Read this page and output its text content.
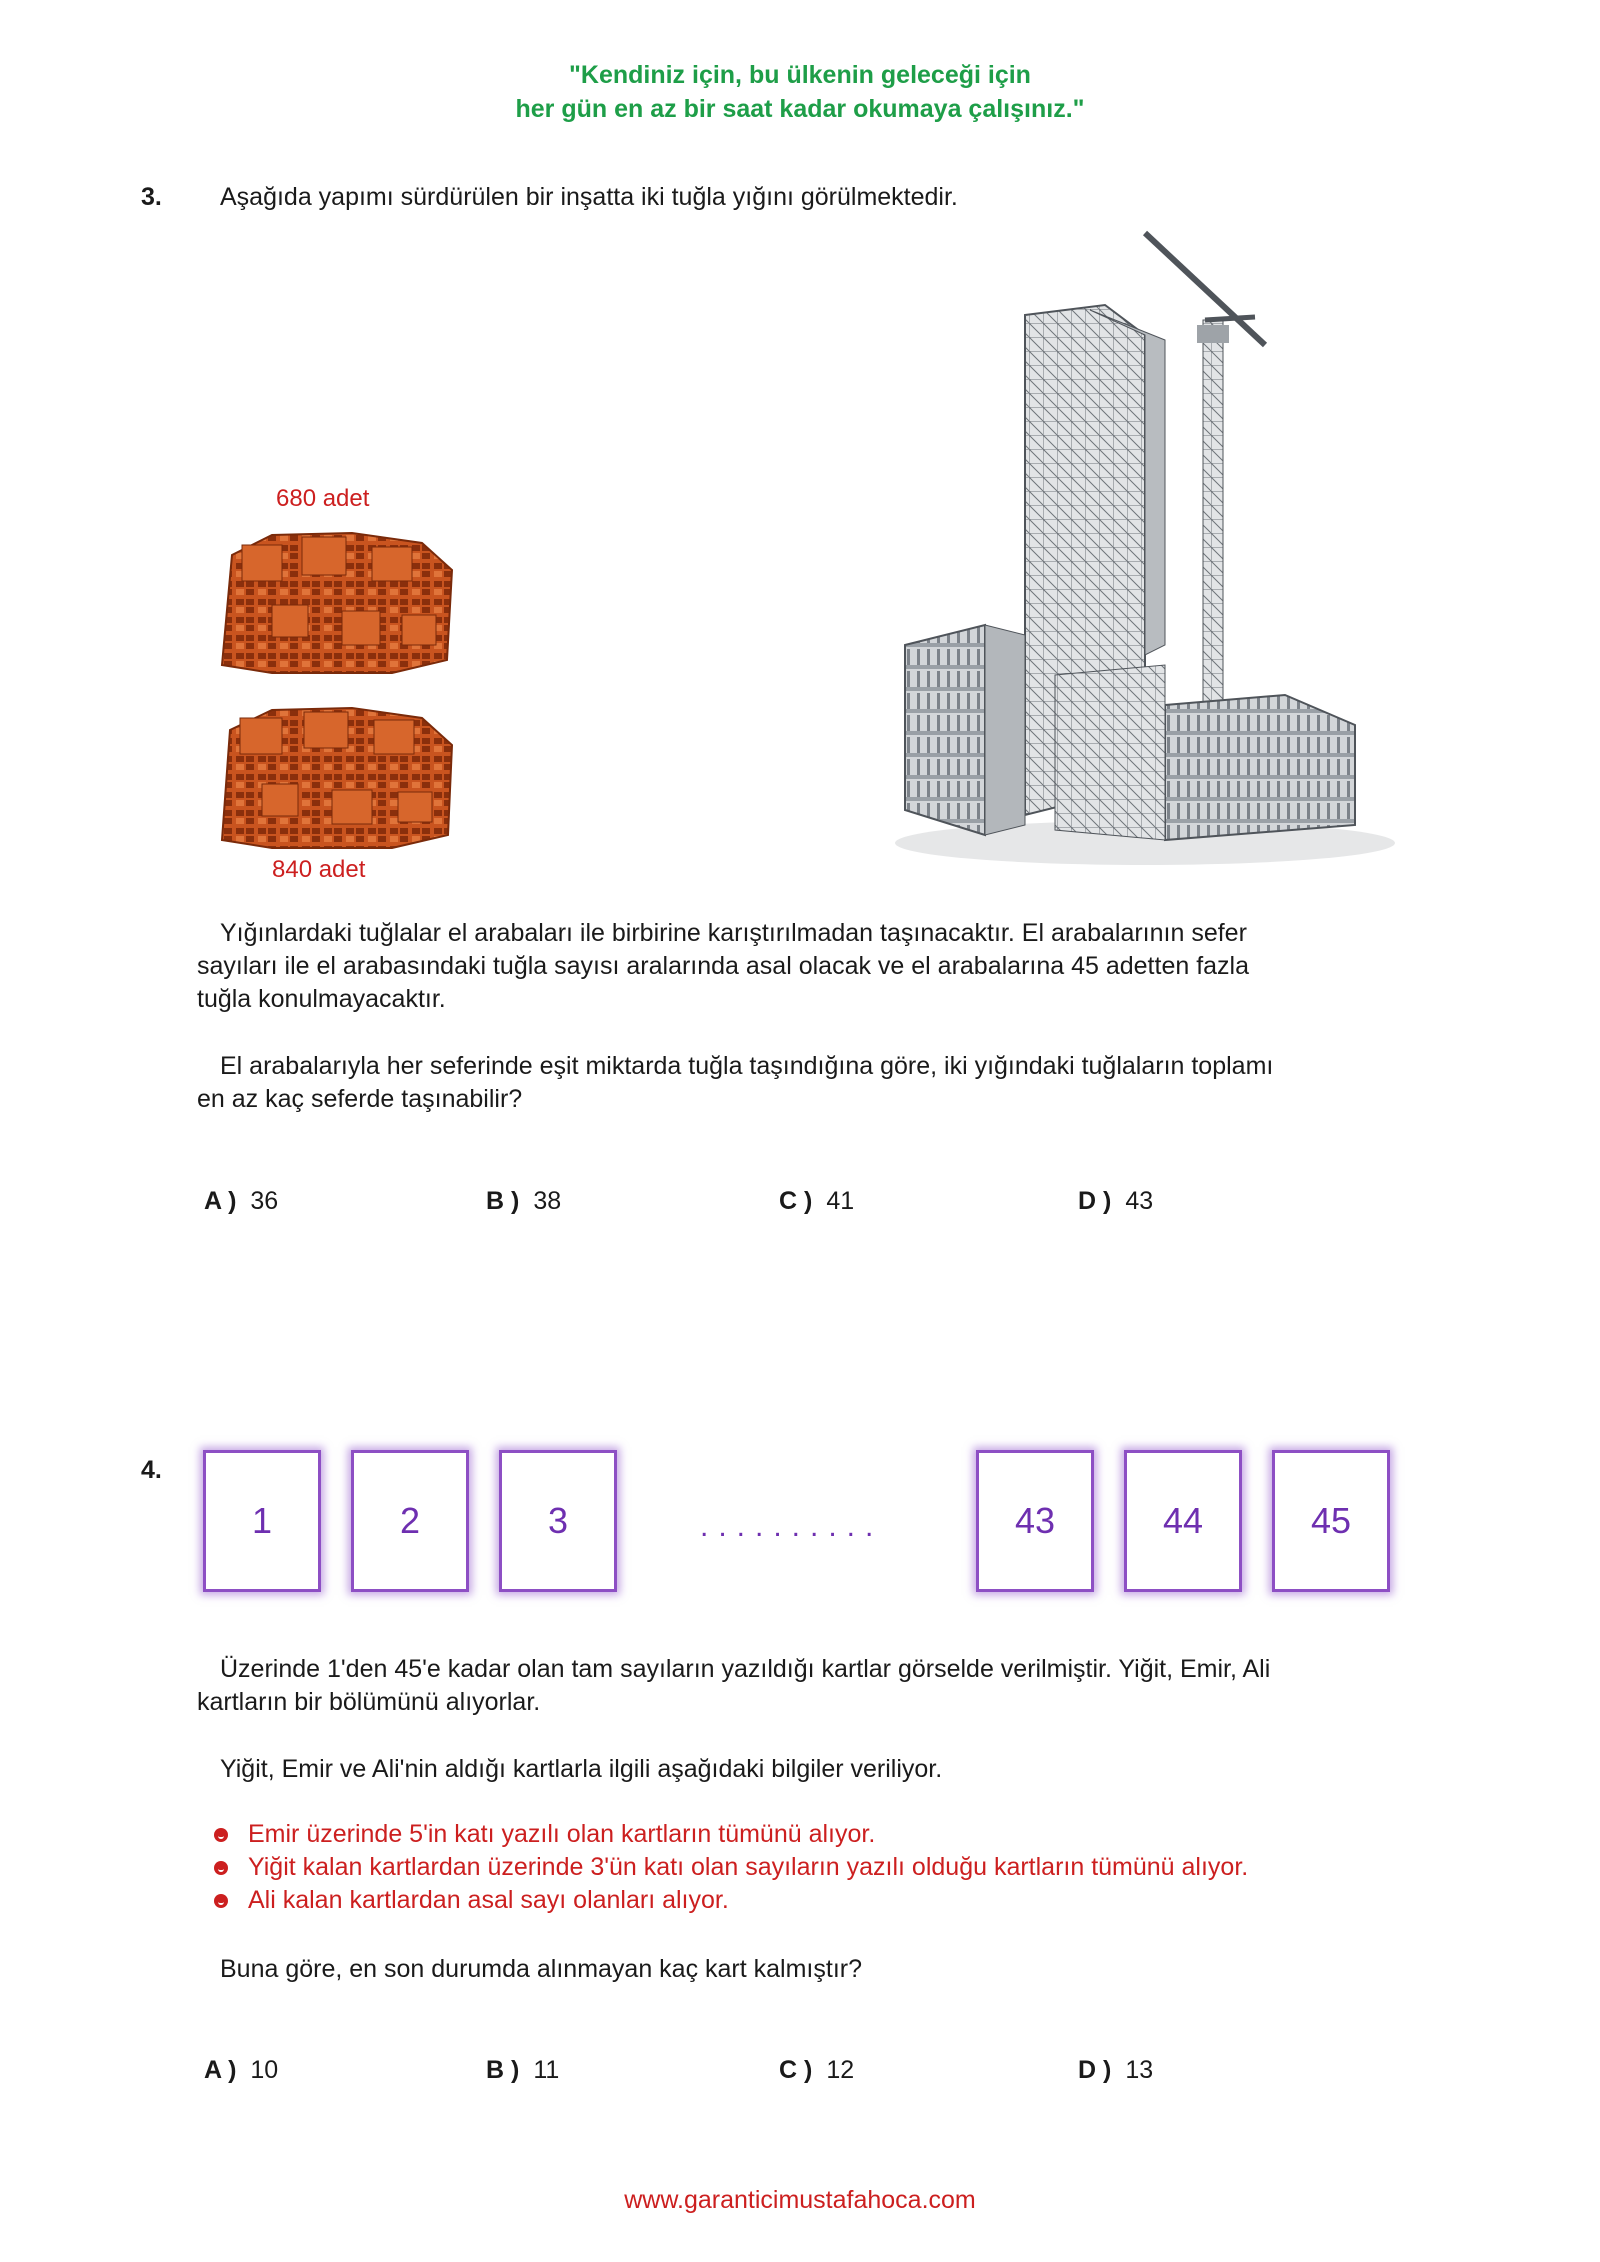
"Kendiniz için, bu ülkenin geleceği için
her gün en az bir saat kadar okumaya çalışınız."
3. Aşağıda yapımı sürdürülen bir inşatta iki tuğla yığını görülmektedir.
680 adet
840 adet
Yığınlardaki tuğlalar el arabaları ile birbirine karıştırılmadan taşınacaktır. El arabalarının sefer
sayıları ile el arabasındaki tuğla sayısı aralarında asal olacak ve el arabalarına 45 adetten fazla
tuğla konulmayacaktır.
El arabalarıyla her seferinde eşit miktarda tuğla taşındığına göre, iki yığındaki tuğlaların toplamı
en az kaç seferde taşınabilir?
A ) 36	B ) 38	C ) 41	D ) 43
4.
1	2	3	..........	43	44	45
Üzerinde 1'den 45'e kadar olan tam sayıların yazıldığı kartlar görselde verilmiştir. Yiğit, Emir, Ali
kartların bir bölümünü alıyorlar.
Yiğit, Emir ve Ali'nin aldığı kartlarla ilgili aşağıdaki bilgiler veriliyor.
Emir üzerinde 5'in katı yazılı olan kartların tümünü alıyor.
Yiğit kalan kartlardan üzerinde 3'ün katı olan sayıların yazılı olduğu kartların tümünü alıyor.
Ali kalan kartlardan asal sayı olanları alıyor.
Buna göre, en son durumda alınmayan kaç kart kalmıştır?
A ) 10	B ) 11	C ) 12	D ) 13
www.garanticimustafahoca.com
